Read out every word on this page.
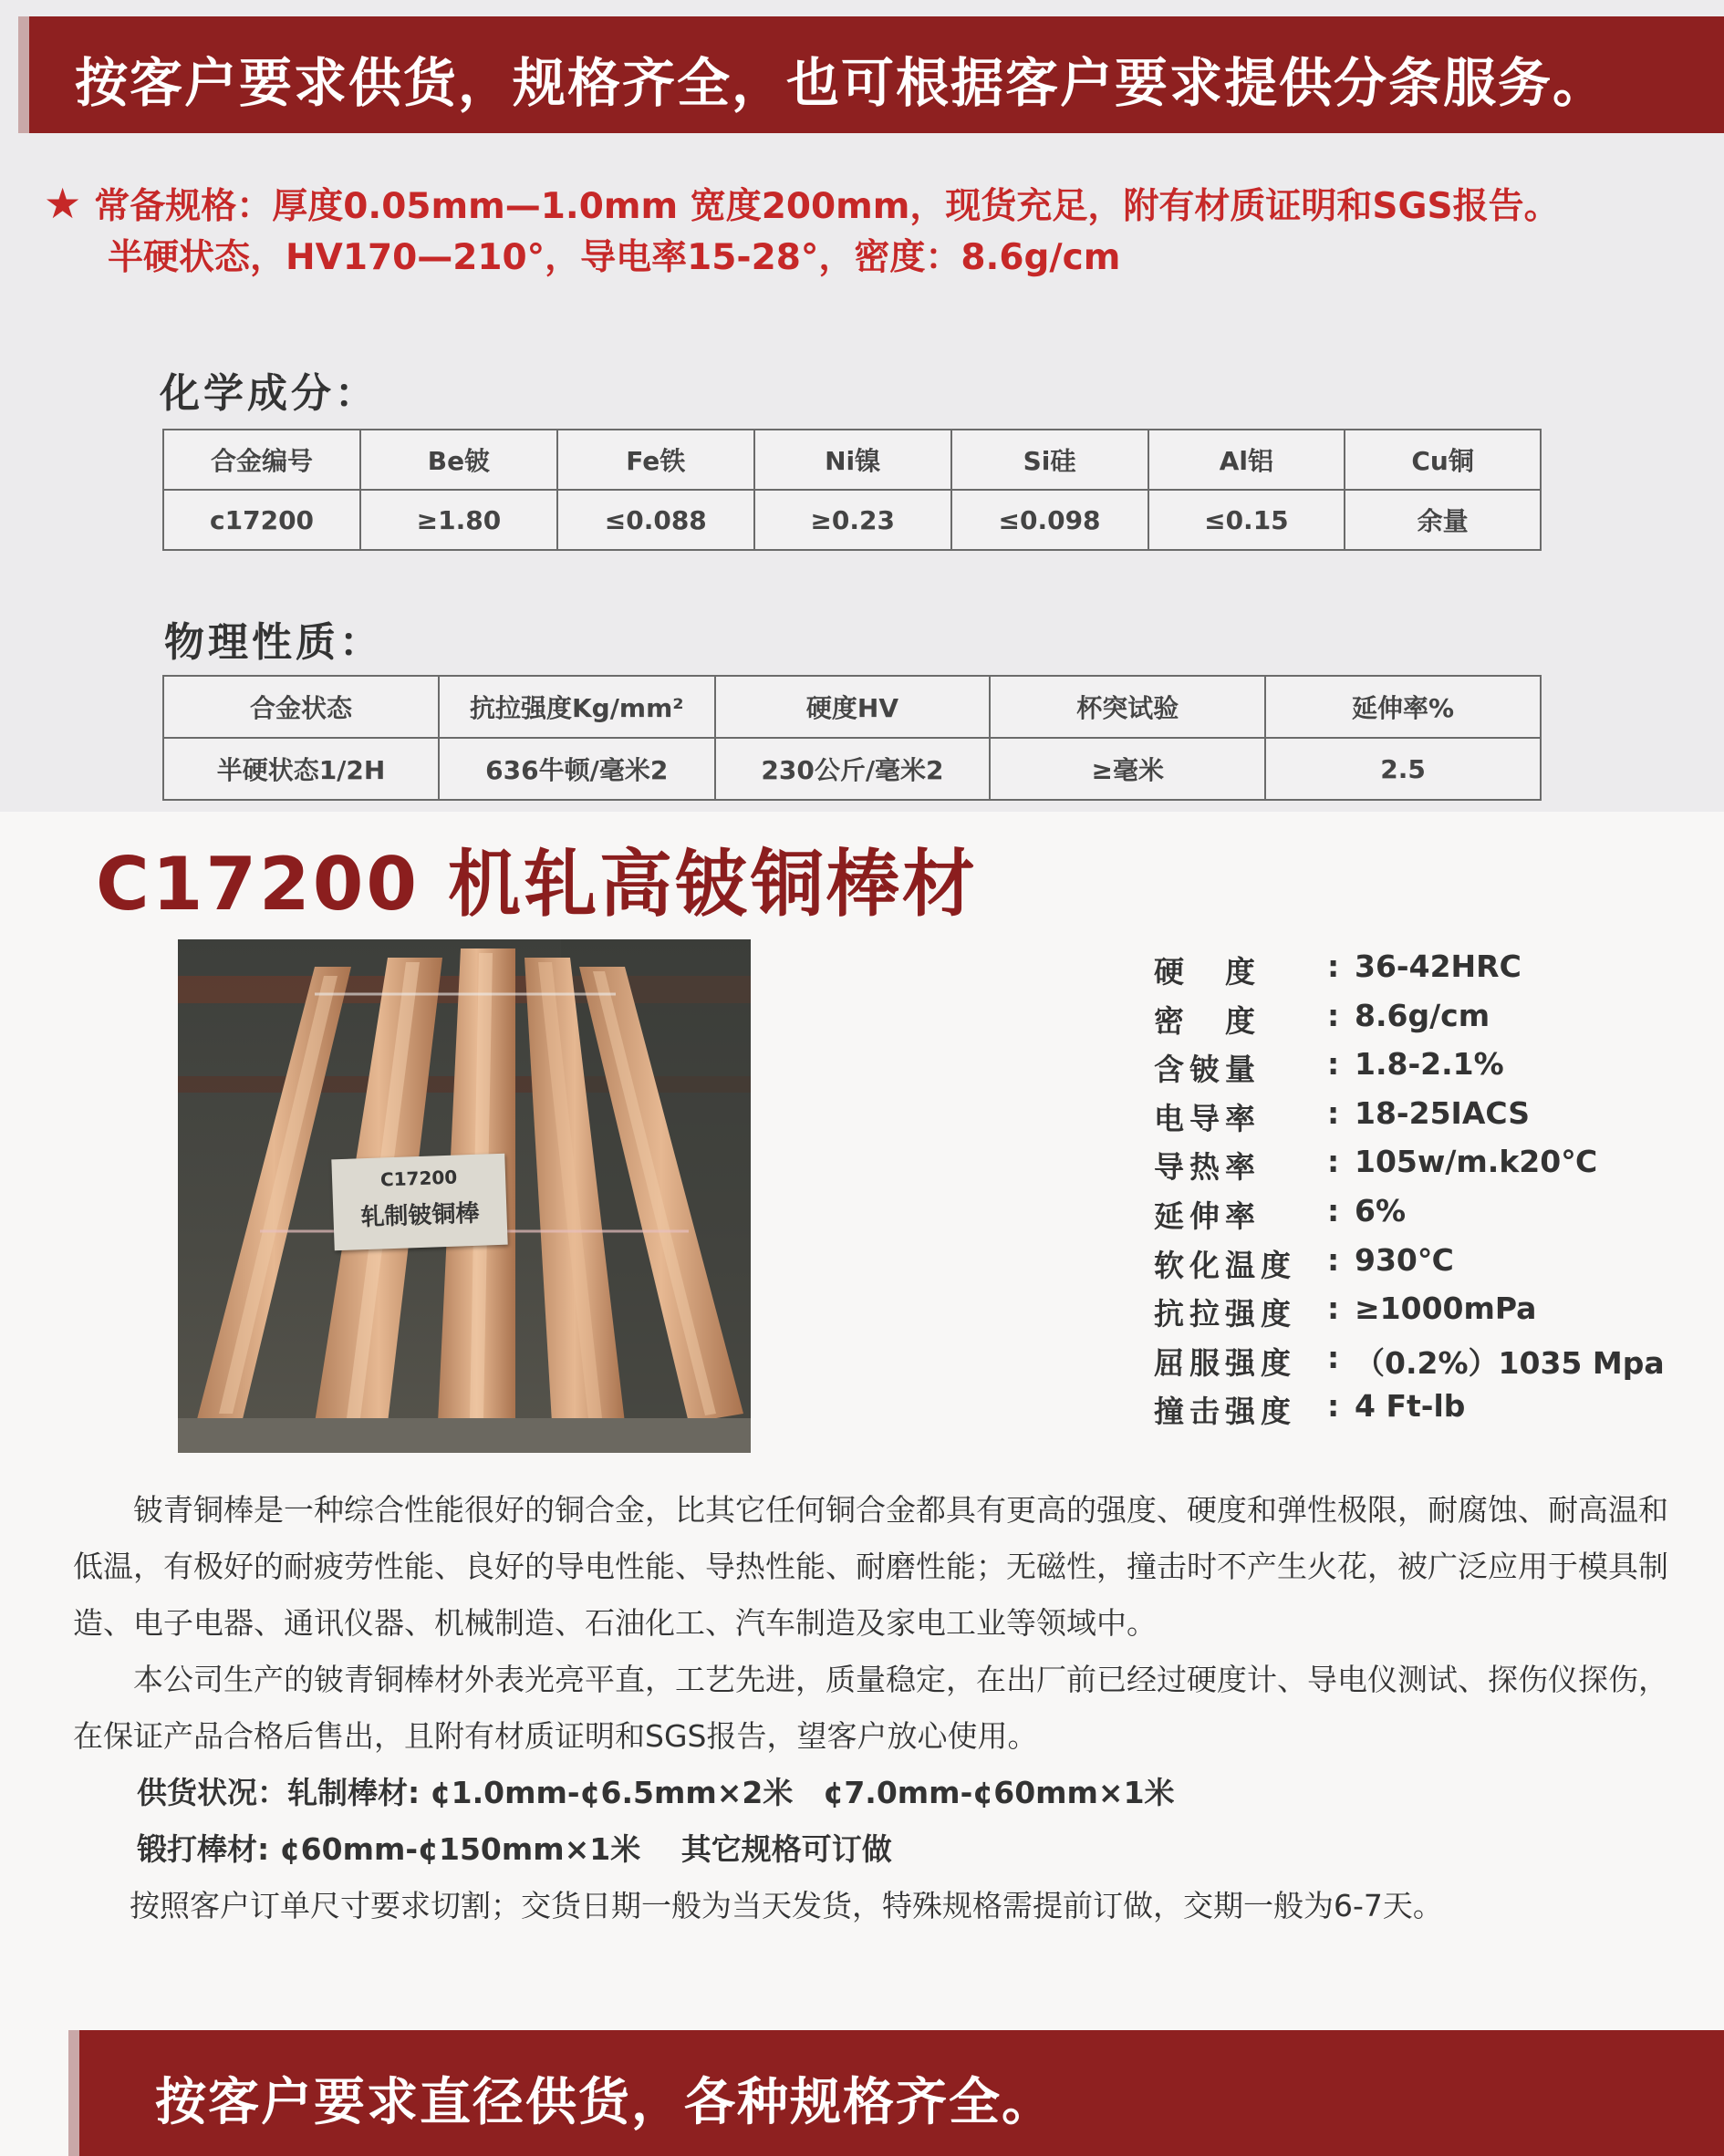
按客户要求供货，规格齐全，也可根据客户要求提供分条服务。
★ 常备规格：厚度0.05mm—1.0mm 宽度200mm，现货充足，附有材质证明和SGS报告。
半硬状态，HV170—210°，导电率15-28°，密度：8.6g/cm
化学成分：
合金编号	Be铍	Fe铁	Ni镍	Si硅	Al铝	Cu铜
c17200	≥1.80	≤0.088	≥0.23	≤0.098	≤0.15	余量
物理性质：
合金状态	抗拉强度Kg/mm²	硬度HV	杯突试验	延伸率%
半硬状态1/2H	636牛顿/毫米2	230公斤/毫米2	≥毫米	2.5
C17200 机轧高铍铜棒材
C17200
轧制铍铜棒
硬　度	: 36-42HRC
密　度	: 8.6g/cm
含铍量	: 1.8-2.1%
电导率	: 18-25IACS
导热率	: 105w/m.k20℃
延伸率	: 6%
软化温度	: 930℃
抗拉强度	: ≥1000mPa
屈服强度	: （0.2%）1035 Mpa
撞击强度	: 4 Ft-lb

铍青铜棒是一种综合性能很好的铜合金，比其它任何铜合金都具有更高的强度、硬度和弹性极限，耐腐蚀、耐高温和低温，有极好的耐疲劳性能、良好的导电性能、导热性能、耐磨性能；无磁性，撞击时不产生火花，被广泛应用于模具制造、电子电器、通讯仪器、机械制造、石油化工、汽车制造及家电工业等领域中。

本公司生产的铍青铜棒材外表光亮平直，工艺先进，质量稳定，在出厂前已经过硬度计、导电仪测试、探伤仪探伤，在保证产品合格后售出，且附有材质证明和SGS报告，望客户放心使用。

供货状况：轧制棒材: ¢1.0mm-¢6.5mm×2米　¢7.0mm-¢60mm×1米

锻打棒材: ¢60mm-¢150mm×1米　 其它规格可订做

按照客户订单尺寸要求切割；交货日期一般为当天发货，特殊规格需提前订做，交期一般为6-7天。

按客户要求直径供货，各种规格齐全。
